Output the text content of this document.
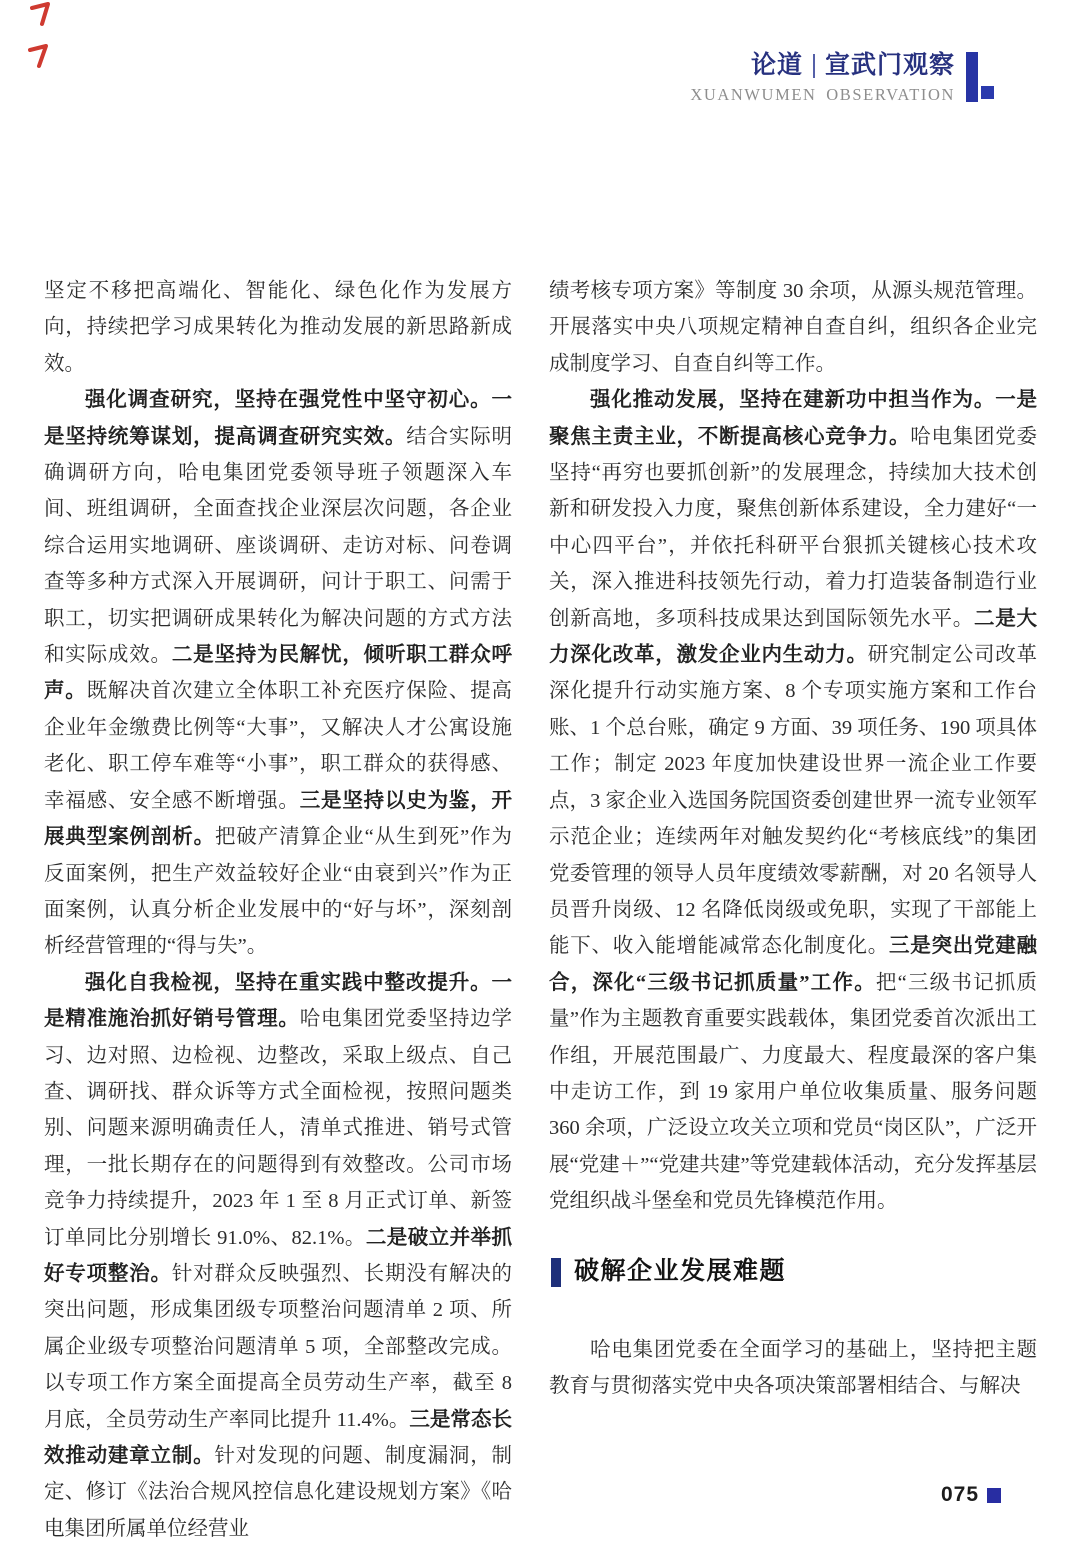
论道 宣武门观察
XUANWUMEN OBSERVATION

坚定不移把高端化、智能化、绿色化作为发展方向，持续把学习成果转化为推动发展的新思路新成效。

强化调查研究，坚持在强党性中坚守初心。一是坚持统筹谋划，提高调查研究实效。结合实际明确调研方向，哈电集团党委领导班子领题深入车间、班组调研，全面查找企业深层次问题，各企业综合运用实地调研、座谈调研、走访对标、问卷调查等多种方式深入开展调研，问计于职工、问需于职工，切实把调研成果转化为解决问题的方式方法和实际成效。二是坚持为民解忧，倾听职工群众呼声。既解决首次建立全体职工补充医疗保险、提高企业年金缴费比例等“大事”，又解决人才公寓设施老化、职工停车难等“小事”，职工群众的获得感、幸福感、安全感不断增强。三是坚持以史为鉴，开展典型案例剖析。把破产清算企业“从生到死”作为反面案例，把生产效益较好企业“由衰到兴”作为正面案例，认真分析企业发展中的“好与坏”，深刻剖析经营管理的“得与失”。

强化自我检视，坚持在重实践中整改提升。一是精准施治抓好销号管理。哈电集团党委坚持边学习、边对照、边检视、边整改，采取上级点、自己查、调研找、群众诉等方式全面检视，按照问题类别、问题来源明确责任人，清单式推进、销号式管理，一批长期存在的问题得到有效整改。公司市场竞争力持续提升，2023 年 1 至 8 月正式订单、新签订单同比分别增长 91.0%、82.1%。二是破立并举抓好专项整治。针对群众反映强烈、长期没有解决的突出问题，形成集团级专项整治问题清单 2 项、所属企业级专项整治问题清单 5 项，全部整改完成。以专项工作方案全面提高全员劳动生产率，截至 8 月底，全员劳动生产率同比提升 11.4%。三是常态长效推动建章立制。针对发现的问题、制度漏洞，制定、修订《法治合规风控信息化建设规划方案》《哈电集团所属单位经营业

绩考核专项方案》等制度 30 余项，从源头规范管理。开展落实中央八项规定精神自查自纠，组织各企业完成制度学习、自查自纠等工作。

强化推动发展，坚持在建新功中担当作为。一是聚焦主责主业，不断提高核心竞争力。哈电集团党委坚持“再穷也要抓创新”的发展理念，持续加大技术创新和研发投入力度，聚焦创新体系建设，全力建好“一中心四平台”，并依托科研平台狠抓关键核心技术攻关，深入推进科技领先行动，着力打造装备制造行业创新高地，多项科技成果达到国际领先水平。二是大力深化改革，激发企业内生动力。研究制定公司改革深化提升行动实施方案、8 个专项实施方案和工作台账、1 个总台账，确定 9 方面、39 项任务、190 项具体工作；制定 2023 年度加快建设世界一流企业工作要点，3 家企业入选国务院国资委创建世界一流专业领军示范企业；连续两年对触发契约化“考核底线”的集团党委管理的领导人员年度绩效零薪酬，对 20 名领导人员晋升岗级、12 名降低岗级或免职，实现了干部能上能下、收入能增能减常态化制度化。三是突出党建融合，深化“三级书记抓质量”工作。把“三级书记抓质量”作为主题教育重要实践载体，集团党委首次派出工作组，开展范围最广、力度最大、程度最深的客户集中走访工作，到 19 家用户单位收集质量、服务问题 360 余项，广泛设立攻关立项和党员“岗区队”，广泛开展“党建＋”“党建共建”等党建载体活动，充分发挥基层党组织战斗堡垒和党员先锋模范作用。

破解企业发展难题

哈电集团党委在全面学习的基础上，坚持把主题教育与贯彻落实党中央各项决策部署相结合、与解决

075
